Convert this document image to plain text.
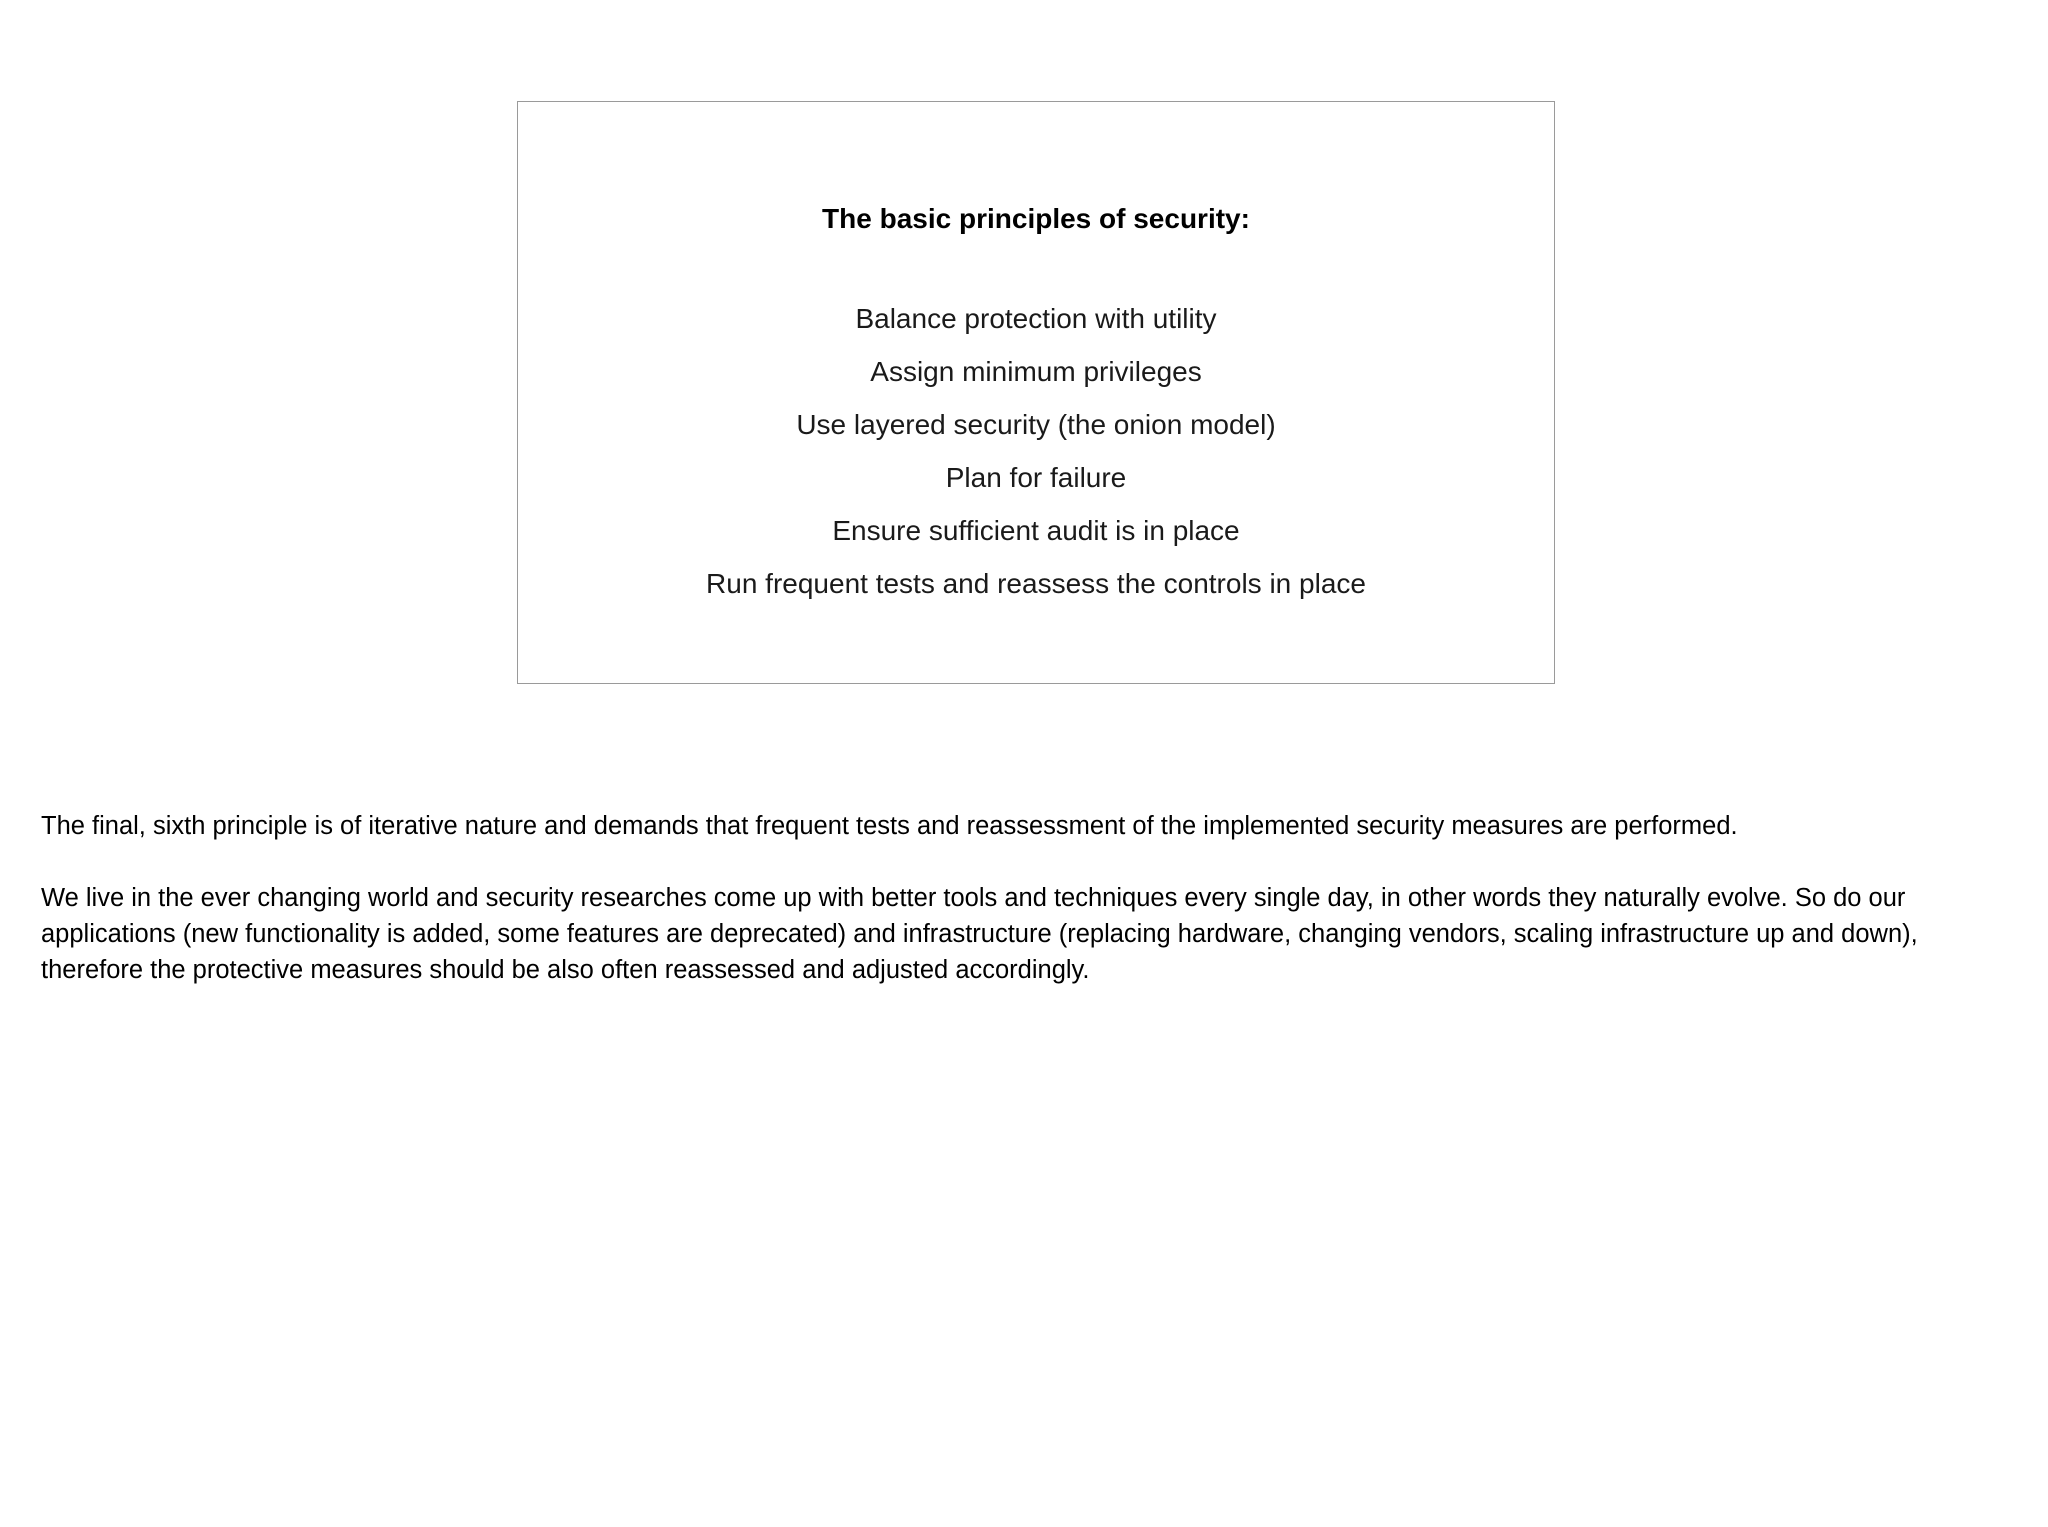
The basic principles of security:
Balance protection with utility
Assign minimum privileges
Use layered security (the onion model)
Plan for failure
Ensure sufficient audit is in place
Run frequent tests and reassess the controls in place

The final, sixth principle is of iterative nature and demands that frequent tests and reassessment of the implemented security measures are performed.

We live in the ever changing world and security researches come up with better tools and techniques every single day, in other words they naturally evolve. So do our applications (new functionality is added, some features are deprecated) and infrastructure (replacing hardware, changing vendors, scaling infrastructure up and down), therefore the protective measures should be also often reassessed and adjusted accordingly.
